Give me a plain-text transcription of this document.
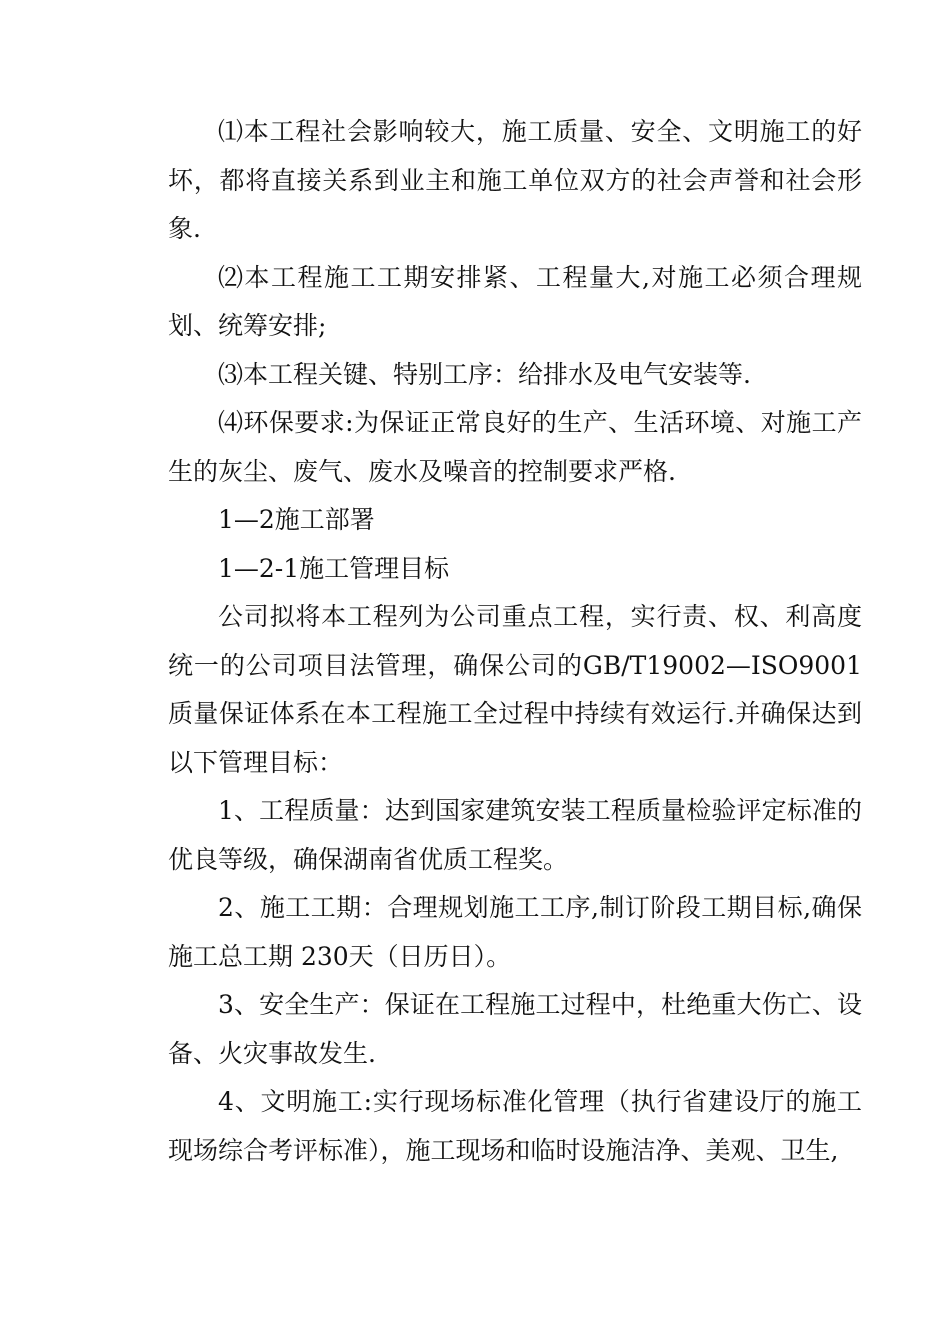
⑴本工程社会影响较大，施工质量、安全、文明施工的好坏，都将直接关系到业主和施工单位双方的社会声誉和社会形象.

⑵本工程施工工期安排紧、工程量大,对施工必须合理规划、统筹安排;

⑶本工程关键、特别工序：给排水及电气安装等.

⑷环保要求:为保证正常良好的生产、生活环境、对施工产生的灰尘、废气、废水及噪音的控制要求严格.

1—2施工部署

1—2-1施工管理目标

公司拟将本工程列为公司重点工程，实行责、权、利高度统一的公司项目法管理，确保公司的GB/T19002—ISO9001质量保证体系在本工程施工全过程中持续有效运行.并确保达到以下管理目标：

1、工程质量：达到国家建筑安装工程质量检验评定标准的优良等级，确保湖南省优质工程奖。

2、施工工期：合理规划施工工序,制订阶段工期目标,确保施工总工期 230天（日历日）。

3、安全生产：保证在工程施工过程中，杜绝重大伤亡、设备、火灾事故发生.

4、文明施工:实行现场标准化管理（执行省建设厅的施工现场综合考评标准），施工现场和临时设施洁净、美观、卫生,
